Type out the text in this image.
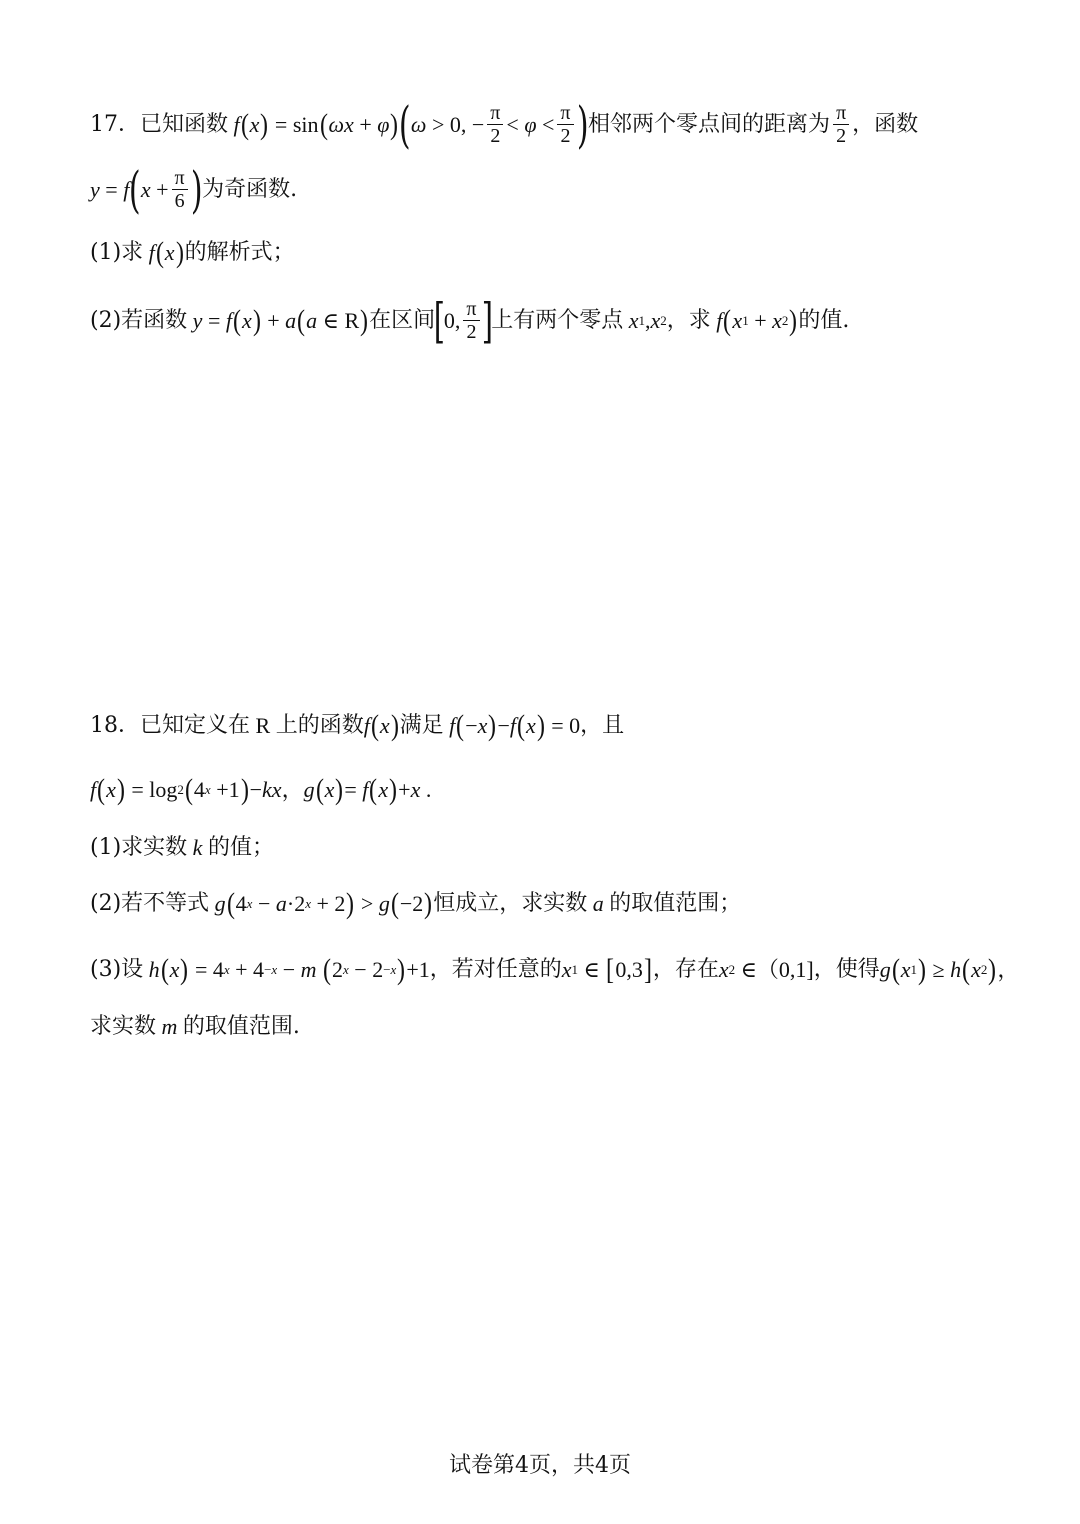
17． 已知函数 f ( x ) = sin ( ωx + φ ) ( ω > 0, − $\frac{\pi}{2} < \varphi < \frac{\pi}{2}$ ) 相邻两个零点间的距离为 $\frac{\pi}{2}$ ，函数
y = f ( $x + \frac{\pi}{6}$ ) 为奇函数.
(1)求 f ( x ) 的解析式；
(2)若函数 y = f ( x ) + a ( a ∈ R ) 在区间
[
0, $\frac{\pi}{2}$ ]
上有两个零点 x 1 , x 2 ，求 f ( x 1 + x 2 ) 的值.
18． 已知定义在
R
上的函数 f ( x ) 满足 f ( − x ) − f ( x ) = 0 ，且
f ( x ) = log 2 ( 4 x +1 ) − kx ， g ( x ) = f ( x ) + x .
(1)求实数 k 的值；
(2)若不等式 g ( 4 x − a ·2 x + 2 ) > g ( −2 ) 恒成立，求实数 a 的取值范围；
(3)设 h ( x ) = 4 x + 4 −x − m
( 2 x − 2 −x ) +1 ，若对任意的 x 1 ∈ [ 0,3 ] ，存在 x 2 ∈（0,1] ，使得 g ( x 1 ) ≥ h ( x 2 ) ，
求实数 m 的取值范围.
试卷第4页，共4页
